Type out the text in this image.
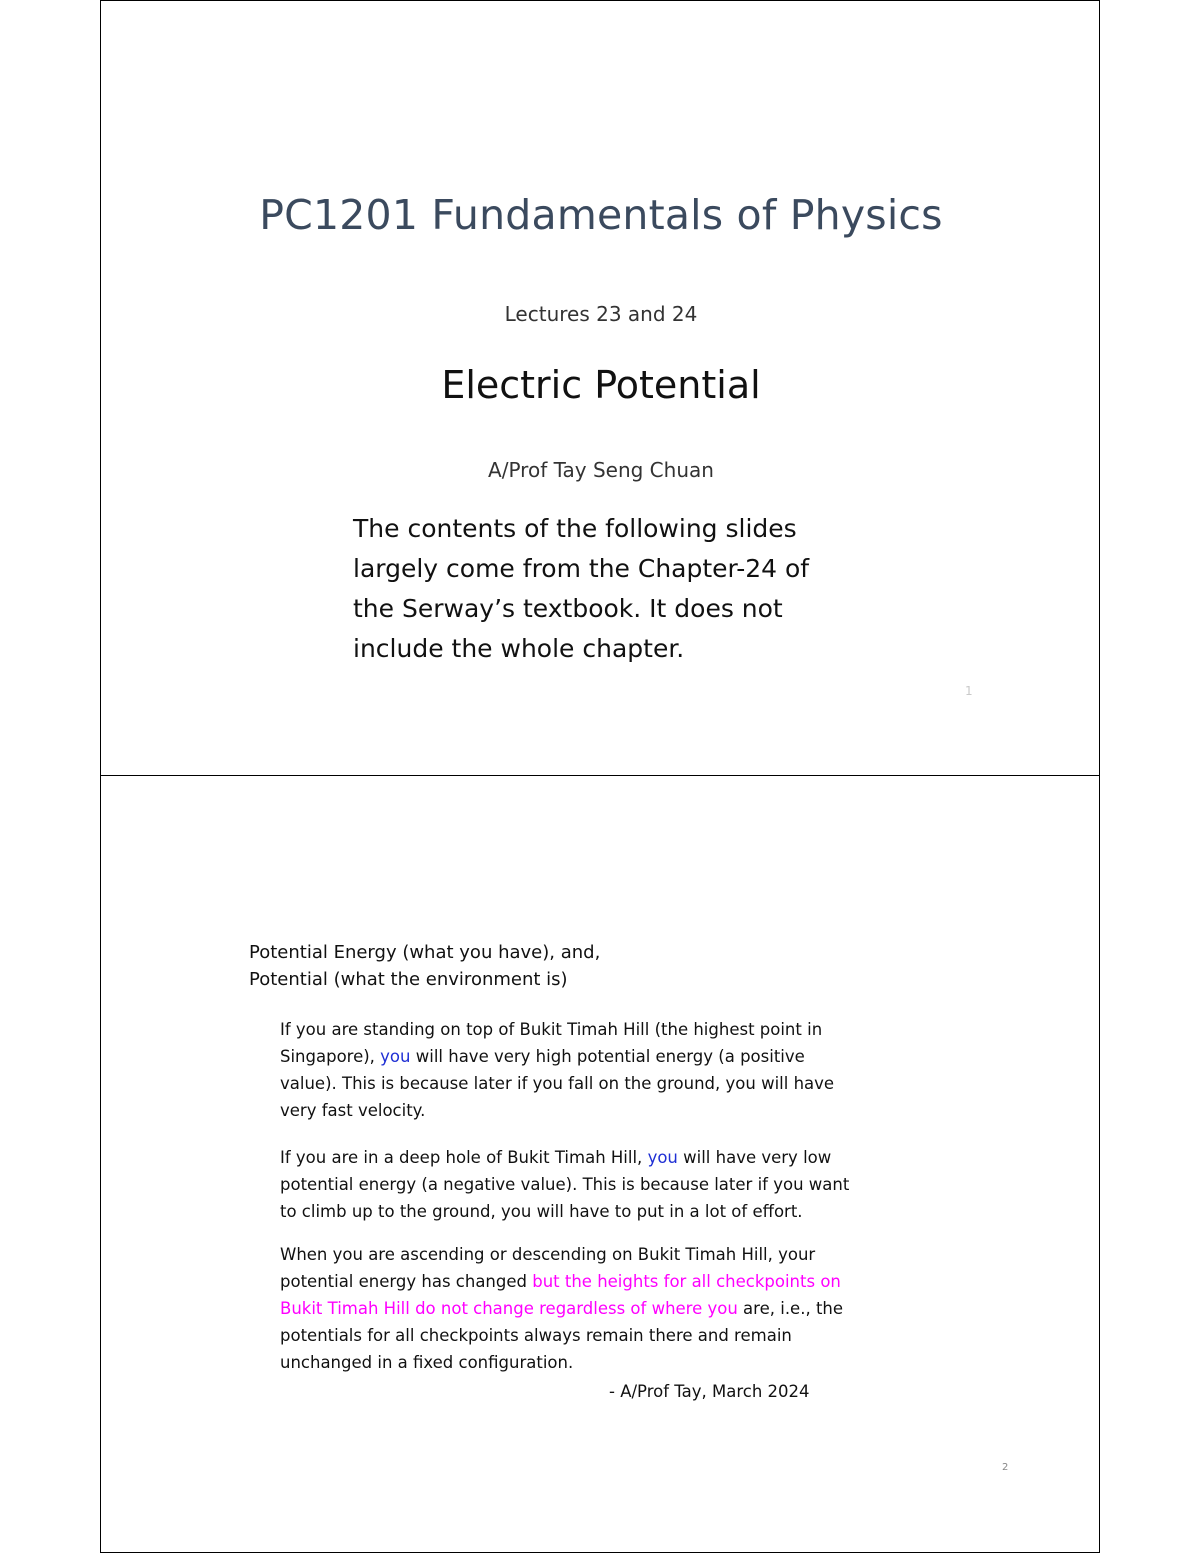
PC1201 Fundamentals of Physics
Lectures 23 and 24
Electric Potential
A/Prof Tay Seng Chuan
The contents of the following slides
largely come from the Chapter-24 of
the Serway’s textbook. It does not
include the whole chapter.
1
Potential Energy (what you have), and,
Potential (what the environment is)
If you are standing on top of Bukit Timah Hill (the highest point in
Singapore), you will have very high potential energy (a positive
value). This is because later if you fall on the ground, you will have
very fast velocity.
If you are in a deep hole of Bukit Timah Hill, you will have very low
potential energy (a negative value). This is because later if you want
to climb up to the ground, you will have to put in a lot of effort.
When you are ascending or descending on Bukit Timah Hill, your
potential energy has changed but the heights for all checkpoints on
Bukit Timah Hill do not change regardless of where you are, i.e., the
potentials for all checkpoints always remain there and remain
unchanged in a fixed configuration.
- A/Prof Tay, March 2024
2
